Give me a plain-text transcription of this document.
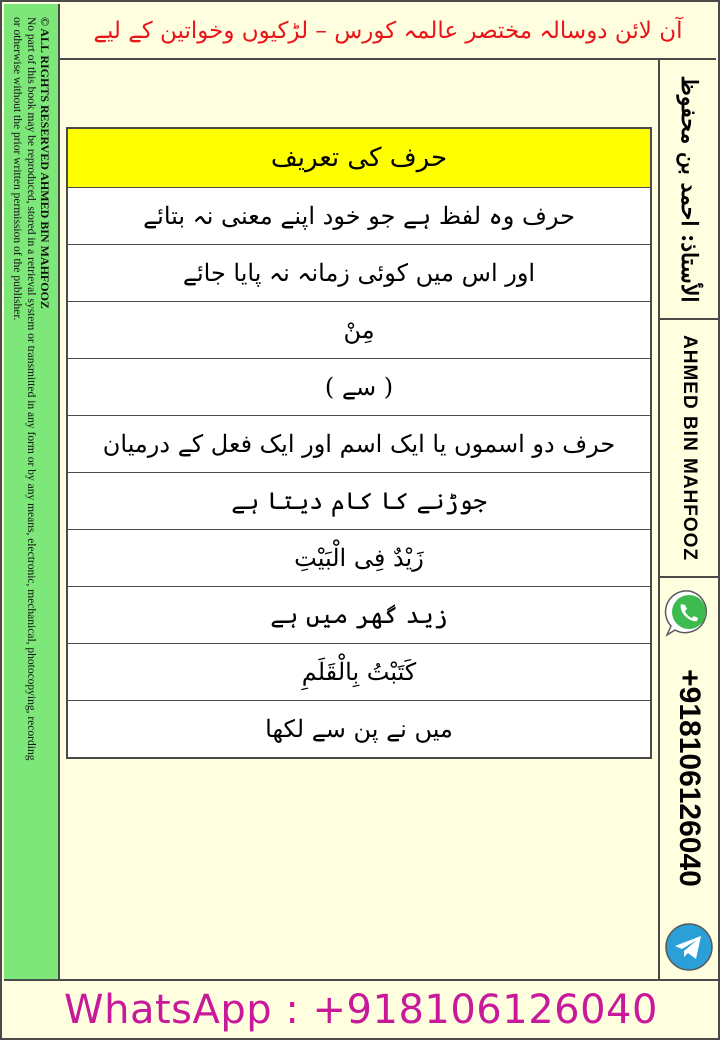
© ALL RIGHTS RESERVED AHMED BIN MAHFOOZ
No part of this book may be reproduced, stored in a retrieval system or transmitted in any form or by any means, electronic, mechanical, photocopying, recording
or otherwise without the prior written permission of the publisher.	آن لائن دوسالہ مختصر عالمہ کورس – لڑکیوں وخواتین کے لیے
الأستاذ: احمد بن محفوظ
AHMED BIN MAHFOOZ
+918106126040
حرف کی تعریف
حرف وہ لفظ ہے جو خود اپنے معنی نہ بتائے
اور اس میں کوئی زمانہ نہ پایا جائے
مِنْ
( سے )
حرف دو اسموں یا ایک اسم اور ایک فعل کے درمیان
جوڑنے کا کام دیتا ہے
زَیْدٌ فِی الْبَیْتِ
زید گھر میں ہے
کَتَبْتُ بِالْقَلَمِ
میں نے پن سے لکھا
WhatsApp : +918106126040
